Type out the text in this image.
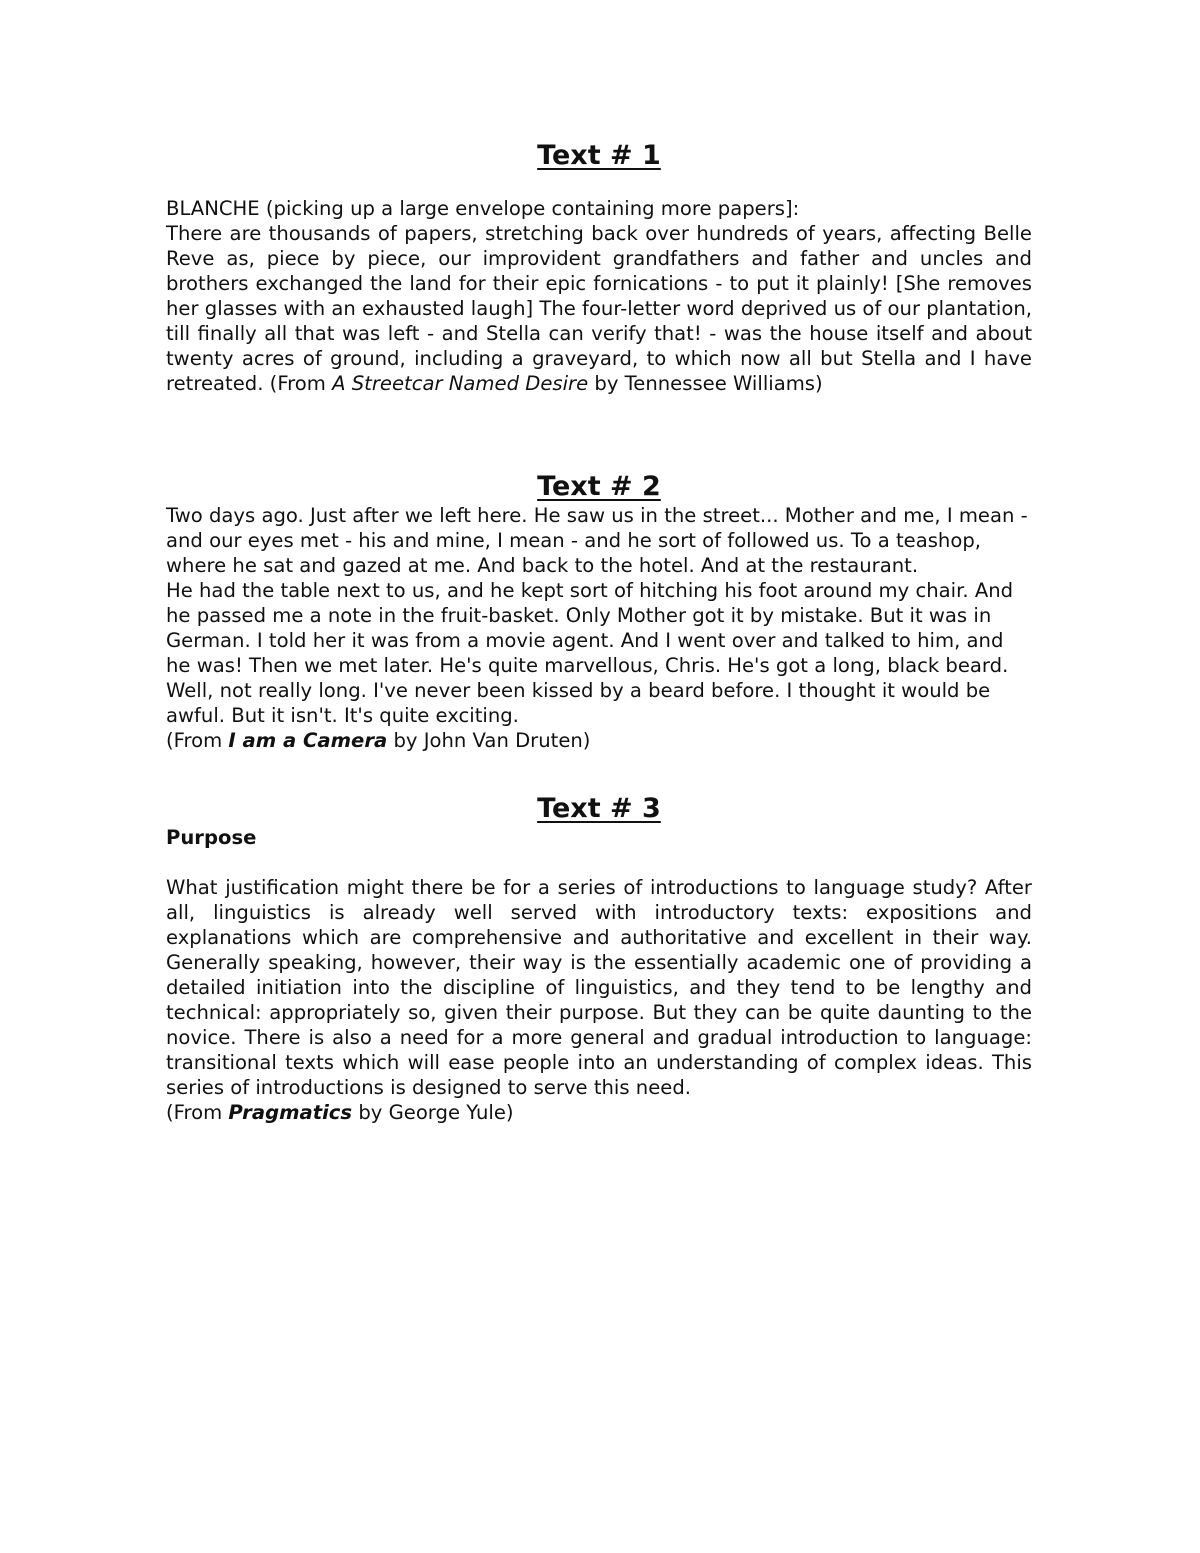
Text # 1

BLANCHE (picking up a large envelope containing more papers]:

There are thousands of papers, stretching back over hundreds of years, affecting Belle Reve as, piece by piece, our improvident grandfathers and father and uncles and brothers exchanged the land for their epic fornications - to put it plainly! [She removes her glasses with an exhausted laugh] The four-letter word deprived us of our plantation, till finally all that was left - and Stella can verify that! - was the house itself and about twenty acres of ground, including a graveyard, to which now all but Stella and I have retreated. (From A Streetcar Named Desire by Tennessee Williams)

Text # 2

Two days ago. Just after we left here. He saw us in the street... Mother and me, I mean - and our eyes met - his and mine, I mean - and he sort of followed us. To a teashop, where he sat and gazed at me. And back to the hotel. And at the restaurant.

He had the table next to us, and he kept sort of hitching his foot around my chair. And he passed me a note in the fruit-basket. Only Mother got it by mistake. But it was in German. I told her it was from a movie agent. And I went over and talked to him, and he was! Then we met later. He's quite marvellous, Chris. He's got a long, black beard. Well, not really long. I've never been kissed by a beard before. I thought it would be awful. But it isn't. It's quite exciting.

(From I am a Camera by John Van Druten)

Text # 3

Purpose

What justification might there be for a series of introductions to language study? After all, linguistics is already well served with introductory texts: expositions and explanations which are comprehensive and authoritative and excellent in their way. Generally speaking, however, their way is the essentially academic one of providing a detailed initiation into the discipline of linguistics, and they tend to be lengthy and technical: appropriately so, given their purpose. But they can be quite daunting to the novice. There is also a need for a more general and gradual introduction to language: transitional texts which will ease people into an understanding of complex ideas. This series of introductions is designed to serve this need.

(From Pragmatics by George Yule)
